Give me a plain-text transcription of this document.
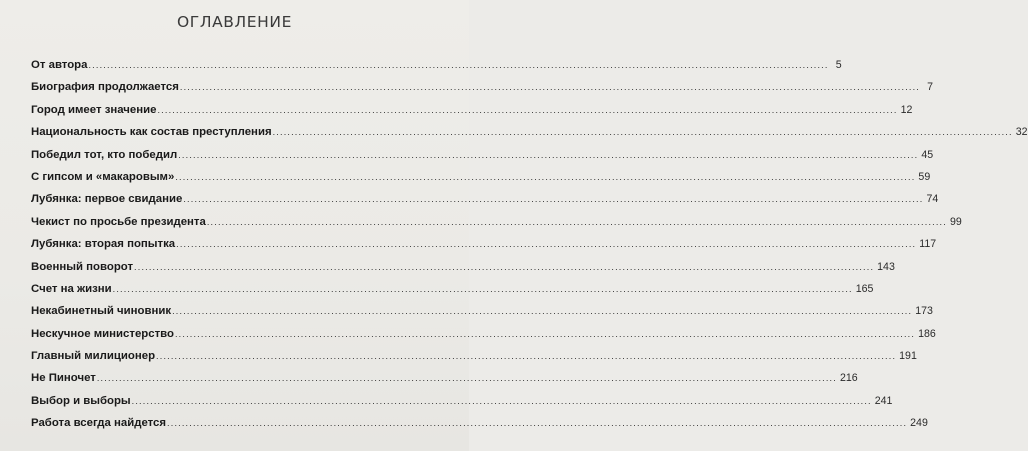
ОГЛАВЛЕНИЕ
От автора ........................................................................................................................................................................................................ 5
Биография продолжается ........................................................................................................................................................................................................ 7
Город имеет значение ........................................................................................................................................................................................................ 12
Национальность как состав преступления ........................................................................................................................................................................................................ 32
Победил тот, кто победил ........................................................................................................................................................................................................ 45
С гипсом и «макаровым» ........................................................................................................................................................................................................ 59
Лубянка: первое свидание ........................................................................................................................................................................................................ 74
Чекист по просьбе президента ........................................................................................................................................................................................................ 99
Лубянка: вторая попытка ........................................................................................................................................................................................................ 117
Военный поворот ........................................................................................................................................................................................................ 143
Счет на жизни ........................................................................................................................................................................................................ 165
Некабинетный чиновник ........................................................................................................................................................................................................ 173
Нескучное министерство ........................................................................................................................................................................................................ 186
Главный милиционер ........................................................................................................................................................................................................ 191
Не Пиночет ........................................................................................................................................................................................................ 216
Выбор и выборы ........................................................................................................................................................................................................ 241
Работа всегда найдется ........................................................................................................................................................................................................ 249
